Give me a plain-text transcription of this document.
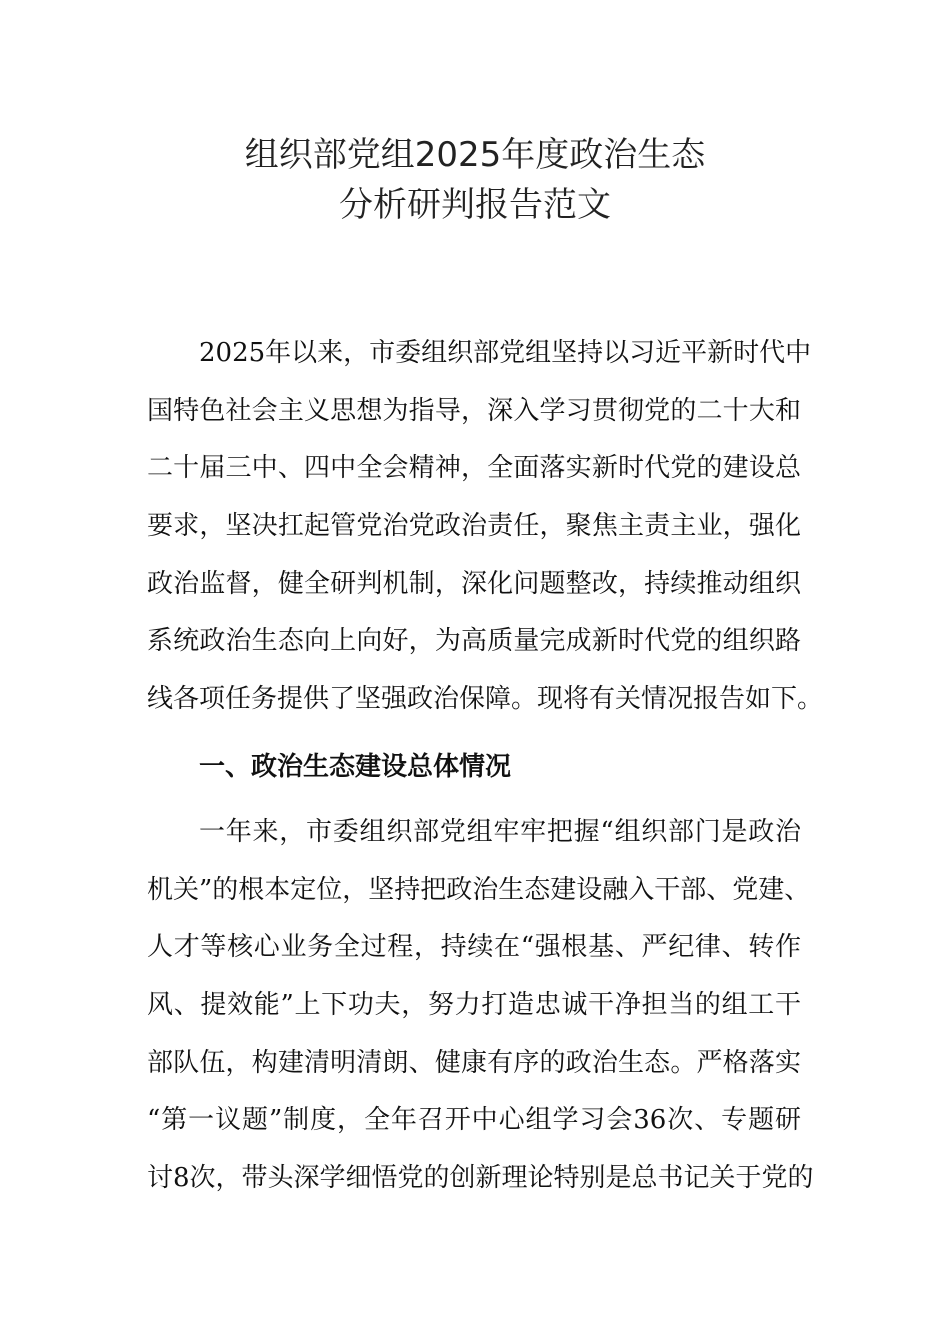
组织部党组2025年度政治生态
分析研判报告范文
2025年以来，市委组织部党组坚持以习近平新时代中
国特色社会主义思想为指导，深入学习贯彻党的二十大和
二十届三中、四中全会精神，全面落实新时代党的建设总
要求，坚决扛起管党治党政治责任，聚焦主责主业，强化
政治监督，健全研判机制，深化问题整改，持续推动组织
系统政治生态向上向好，为高质量完成新时代党的组织路
线各项任务提供了坚强政治保障。现将有关情况报告如下。
一、政治生态建设总体情况
一年来，市委组织部党组牢牢把握“组织部门是政治
机关”的根本定位，坚持把政治生态建设融入干部、党建、
人才等核心业务全过程，持续在“强根基、严纪律、转作
风、提效能”上下功夫，努力打造忠诚干净担当的组工干
部队伍，构建清明清朗、健康有序的政治生态。严格落实
“第一议题”制度，全年召开中心组学习会36次、专题研
讨8次，带头深学细悟党的创新理论特别是总书记关于党的
